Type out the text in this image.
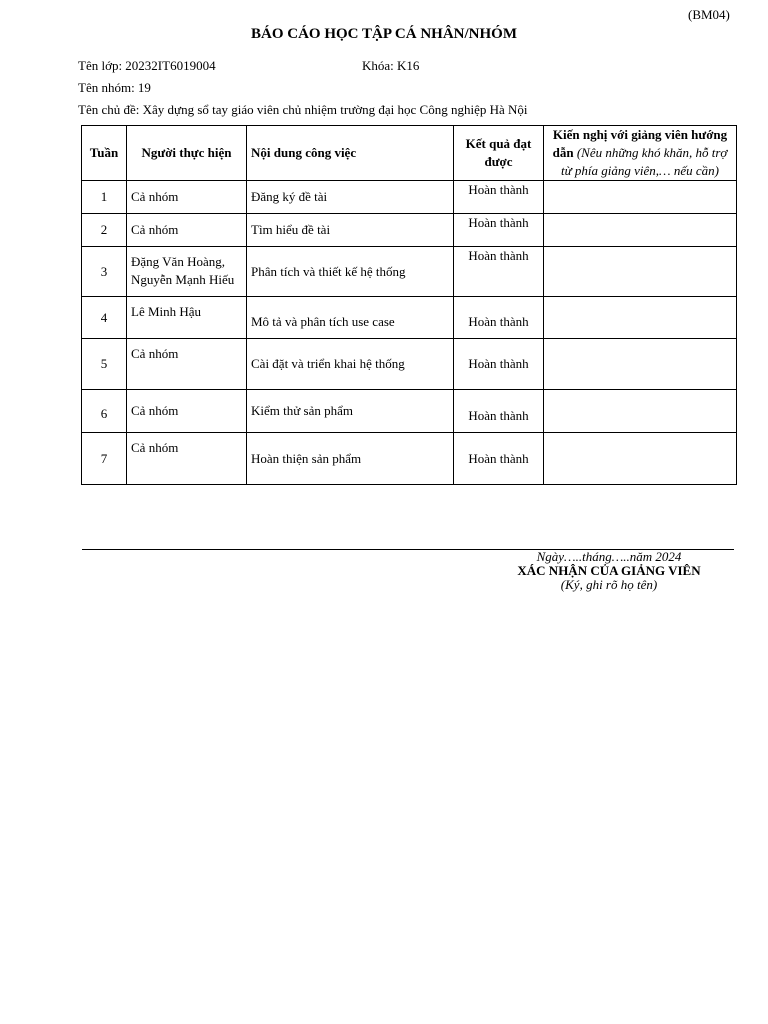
(BM04)
BÁO CÁO HỌC TẬP CÁ NHÂN/NHÓM
Tên lớp: 20232IT6019004	Khóa: K16
Tên nhóm: 19
Tên chủ đề: Xây dựng sổ tay giáo viên chủ nhiệm trường đại học Công nghiệp Hà Nội
Tuần	Người thực hiện	Nội dung công việc	Kết quả đạt được	Kiến nghị với giảng viên hướng dẫn (Nêu những khó khăn, hỗ trợ từ phía giảng viên,… nếu cần)
1	Cả nhóm	Đăng ký đề tài	Hoàn thành	
2	Cả nhóm	Tìm hiểu đề tài	Hoàn thành	
3	Đặng Văn Hoàng, Nguyễn Mạnh Hiếu	Phân tích và thiết kế hệ thống	Hoàn thành	
4	Lê Minh Hậu	Mô tả và phân tích use case	Hoàn thành	
5	Cả nhóm	Cài đặt và triển khai hệ thống	Hoàn thành	
6	Cả nhóm	Kiểm thử sản phẩm	Hoàn thành	
7	Cả nhóm	Hoàn thiện sản phẩm	Hoàn thành	
Ngày…..tháng…..năm 2024
XÁC NHẬN CỦA GIẢNG VIÊN
(Ký, ghi rõ họ tên)
